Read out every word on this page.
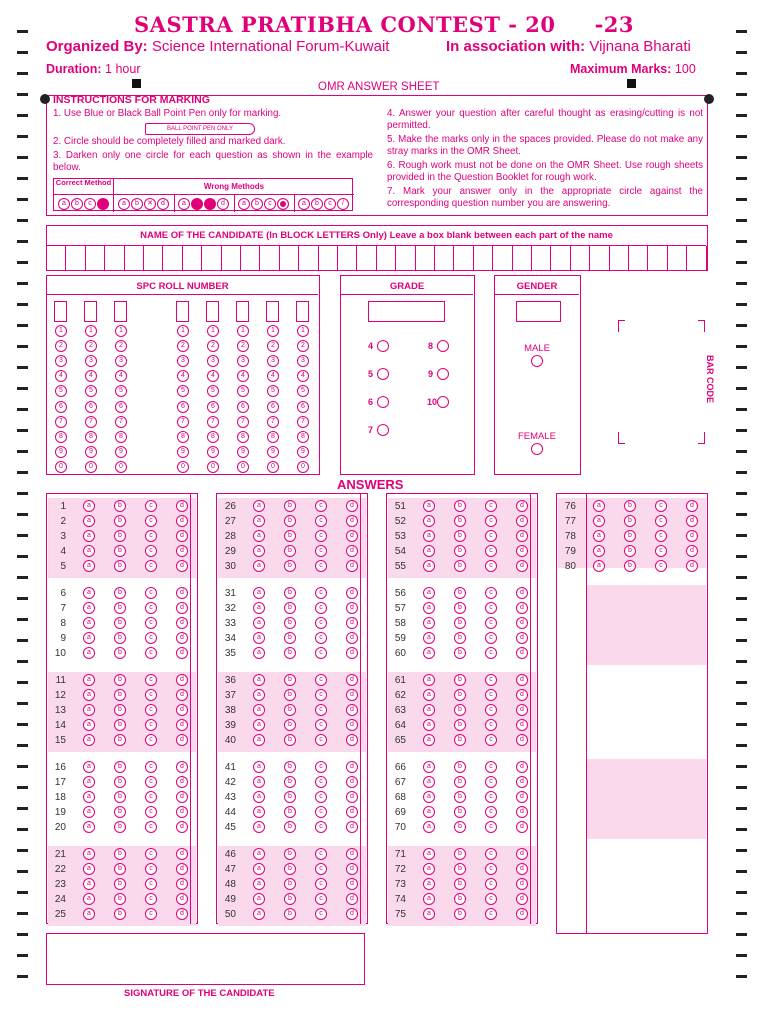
SASTRA PRATIBHA CONTEST - 20     -23
Organized By: Science International Forum-Kuwait	In association with: Vijnana Bharati
Duration: 1 hour	Maximum Marks: 100
OMR ANSWER SHEET
INSTRUCTIONS FOR MARKING
1. Use Blue or Black Ball Point Pen only for marking.
BALL POINT PEN ONLY
2. Circle should be completely filled and marked dark.
3. Darken only one circle for each question as shown in the example below.
Correct Method	Wrong Methods
a	b	c	a	b	✕	d	a	d	a	b	c	a	b	c	/
4. Answer your question after careful thought as erasing/cutting is not permitted.
5. Make the marks only in the spaces provided. Please do not make any stray marks in the OMR Sheet.
6. Rough work must not be done on the OMR Sheet. Use rough sheets provided in the Question Booklet for rough work.
7. Mark your answer only in the appropriate circle against the corresponding question number you are answering.
NAME OF THE CANDIDATE (In BLOCK LETTERS Only) Leave a box blank between each part of the name
SPC ROLL NUMBER
1
2
3
4
5
6
7
8
9
0
1
2
3
4
5
6
7
8
9
0
1
2
3
4
5
6
7
8
9
0
1
2
3
4
5
6
7
8
9
0
1
2
3
4
5
6
7
8
9
0
1
2
3
4
5
6
7
8
9
0
1
2
3
4
5
6
7
8
9
0
1
2
3
4
5
6
7
8
9
0
GRADE
4	8
5	9
6	10
7
GENDER
MALE
FEMALE
BAR CODE
ANSWERS
1	a	b	c	d
2	a	b	c	d
3	a	b	c	d
4	a	b	c	d
5	a	b	c	d
6	a	b	c	d
7	a	b	c	d
8	a	b	c	d
9	a	b	c	d
10	a	b	c	d
11	a	b	c	d
12	a	b	c	d
13	a	b	c	d
14	a	b	c	d
15	a	b	c	d
16	a	b	c	d
17	a	b	c	d
18	a	b	c	d
19	a	b	c	d
20	a	b	c	d
21	a	b	c	d
22	a	b	c	d
23	a	b	c	d
24	a	b	c	d
25	a	b	c	d
26	a	b	c	d
27	a	b	c	d
28	a	b	c	d
29	a	b	c	d
30	a	b	c	d
31	a	b	c	d
32	a	b	c	d
33	a	b	c	d
34	a	b	c	d
35	a	b	c	d
36	a	b	c	d
37	a	b	c	d
38	a	b	c	d
39	a	b	c	d
40	a	b	c	d
41	a	b	c	d
42	a	b	c	d
43	a	b	c	d
44	a	b	c	d
45	a	b	c	d
46	a	b	c	d
47	a	b	c	d
48	a	b	c	d
49	a	b	c	d
50	a	b	c	d
51	a	b	c	d
52	a	b	c	d
53	a	b	c	d
54	a	b	c	d
55	a	b	c	d
56	a	b	c	d
57	a	b	c	d
58	a	b	c	d
59	a	b	c	d
60	a	b	c	d
61	a	b	c	d
62	a	b	c	d
63	a	b	c	d
64	a	b	c	d
65	a	b	c	d
66	a	b	c	d
67	a	b	c	d
68	a	b	c	d
69	a	b	c	d
70	a	b	c	d
71	a	b	c	d
72	a	b	c	d
73	a	b	c	d
74	a	b	c	d
75	a	b	c	d
76	a	b	c	d
77	a	b	c	d
78	a	b	c	d
79	a	b	c	d
80	a	b	c	d
SIGNATURE OF THE CANDIDATE
